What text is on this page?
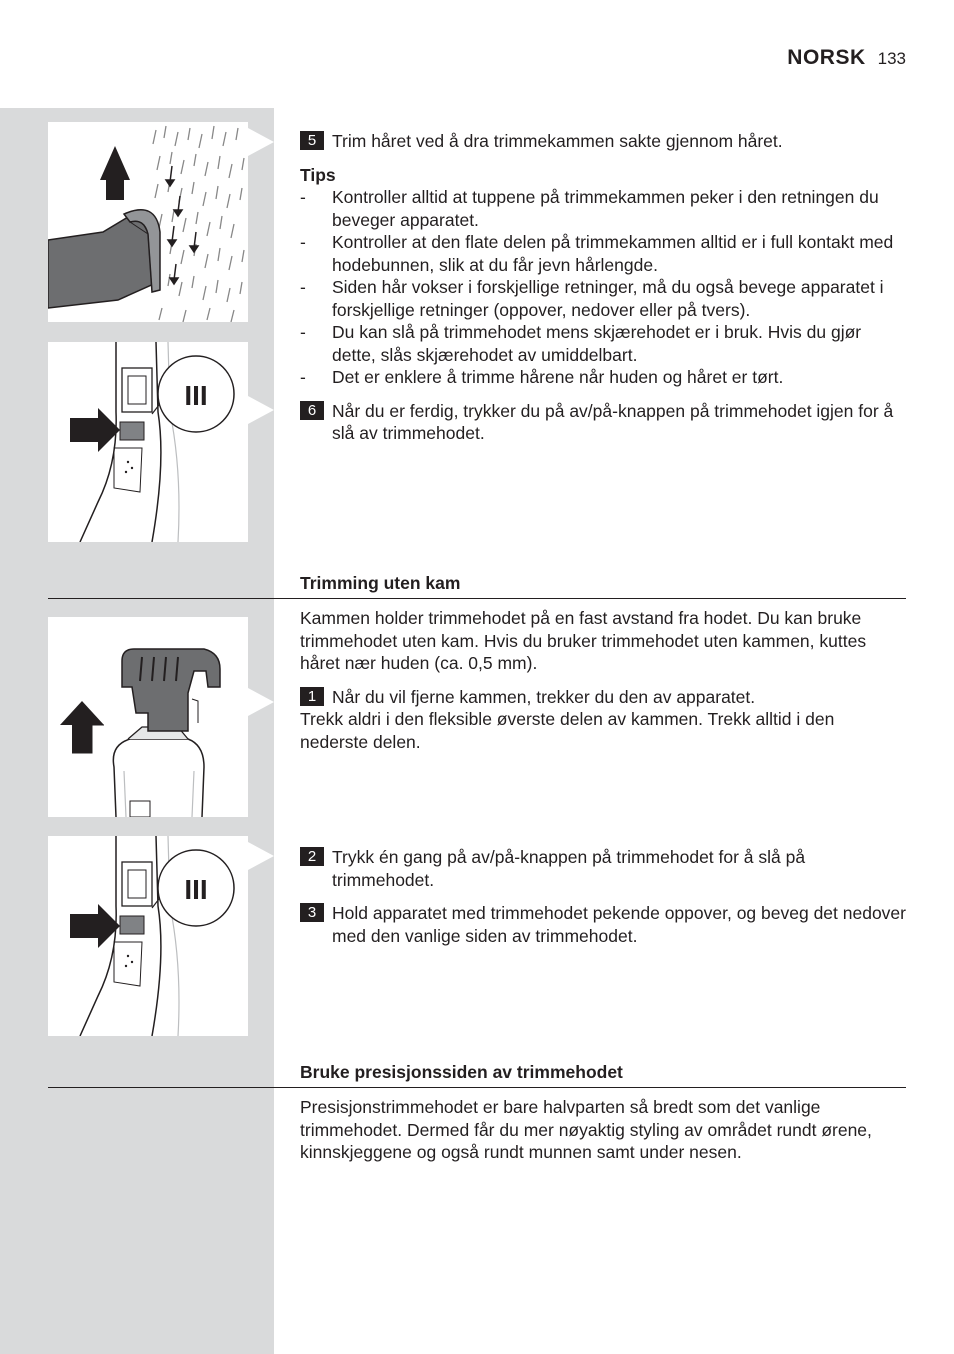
NORSK 133
III
III
5 Trim håret ved å dra trimmekammen sakte gjennom håret.
Tips
-	Kontroller alltid at tuppene på trimmekammen peker i den retningen du beveger apparatet.
-	Kontroller at den flate delen på trimmekammen alltid er i full kontakt med hodebunnen, slik at du får jevn hårlengde.
-	Siden hår vokser i forskjellige retninger, må du også bevege apparatet i forskjellige retninger (oppover, nedover eller på tvers).
-	Du kan slå på trimmehodet mens skjærehodet er i bruk. Hvis du gjør dette, slås skjærehodet av umiddelbart.
-	Det er enklere å trimme hårene når huden og håret er tørt.
6 Når du er ferdig, trykker du på av/på-knappen på trimmehodet igjen for å slå av trimmehodet.
Trimming uten kam

Kammen holder trimmehodet på en fast avstand fra hodet. Du kan bruke trimmehodet uten kam. Hvis du bruker trimmehodet uten kammen, kuttes håret nær huden (ca. 0,5 mm).

1 Når du vil fjerne kammen, trekker du den av apparatet.

Trekk aldri i den fleksible øverste delen av kammen. Trekk alltid i den nederste delen.

2 Trykk én gang på av/på-knappen på trimmehodet for å slå på trimmehodet.
3 Hold apparatet med trimmehodet pekende oppover, og beveg det nedover med den vanlige siden av trimmehodet.
Bruke presisjonssiden av trimmehodet

Presisjonstrimmehodet er bare halvparten så bredt som det vanlige trimmehodet. Dermed får du mer nøyaktig styling av området rundt ørene, kinnskjeggene og også rundt munnen samt under nesen.
